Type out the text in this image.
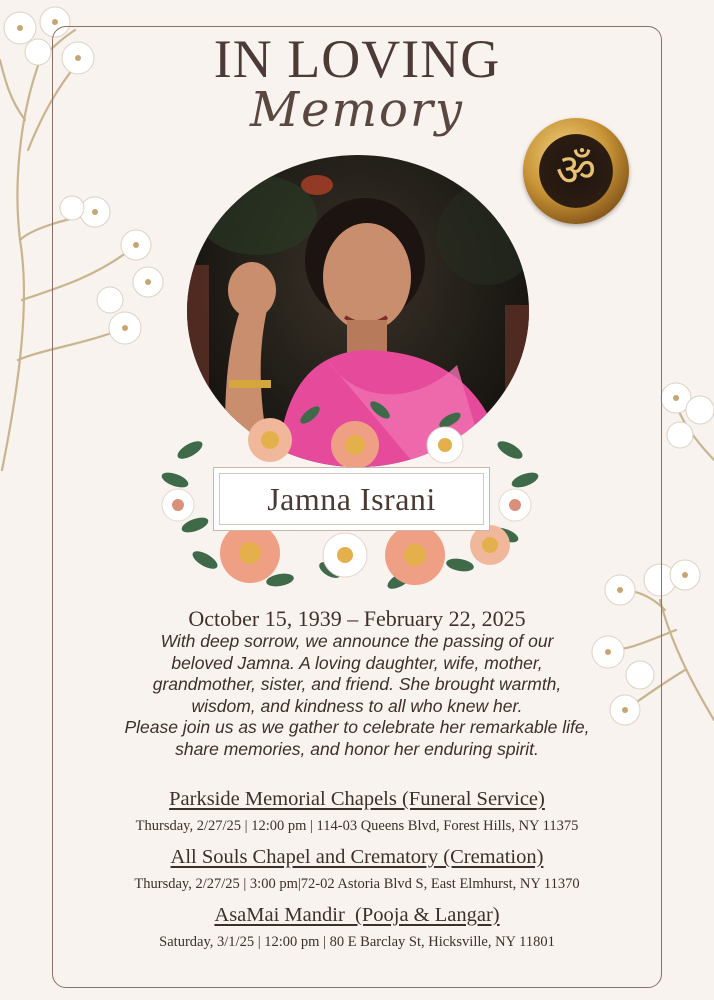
IN LOVING
Memory
ॐ
Jamna Israni
October 15, 1939 – February 22, 2025

With deep sorrow, we announce the passing of our

beloved Jamna. A loving daughter, wife, mother,

grandmother, sister, and friend. She brought warmth,

wisdom, and kindness to all who knew her.

Please join us as we gather to celebrate her remarkable life,

share memories, and honor her enduring spirit.

Parkside Memorial Chapels (Funeral Service)
Thursday, 2/27/25 | 12:00 pm | 114-03 Queens Blvd, Forest Hills, NY 11375
All Souls Chapel and Crematory (Cremation)
Thursday, 2/27/25 | 3:00 pm|72-02 Astoria Blvd S, East Elmhurst, NY 11370
AsaMai Mandir  (Pooja & Langar)
Saturday, 3/1/25 | 12:00 pm | 80 E Barclay St, Hicksville, NY 11801
